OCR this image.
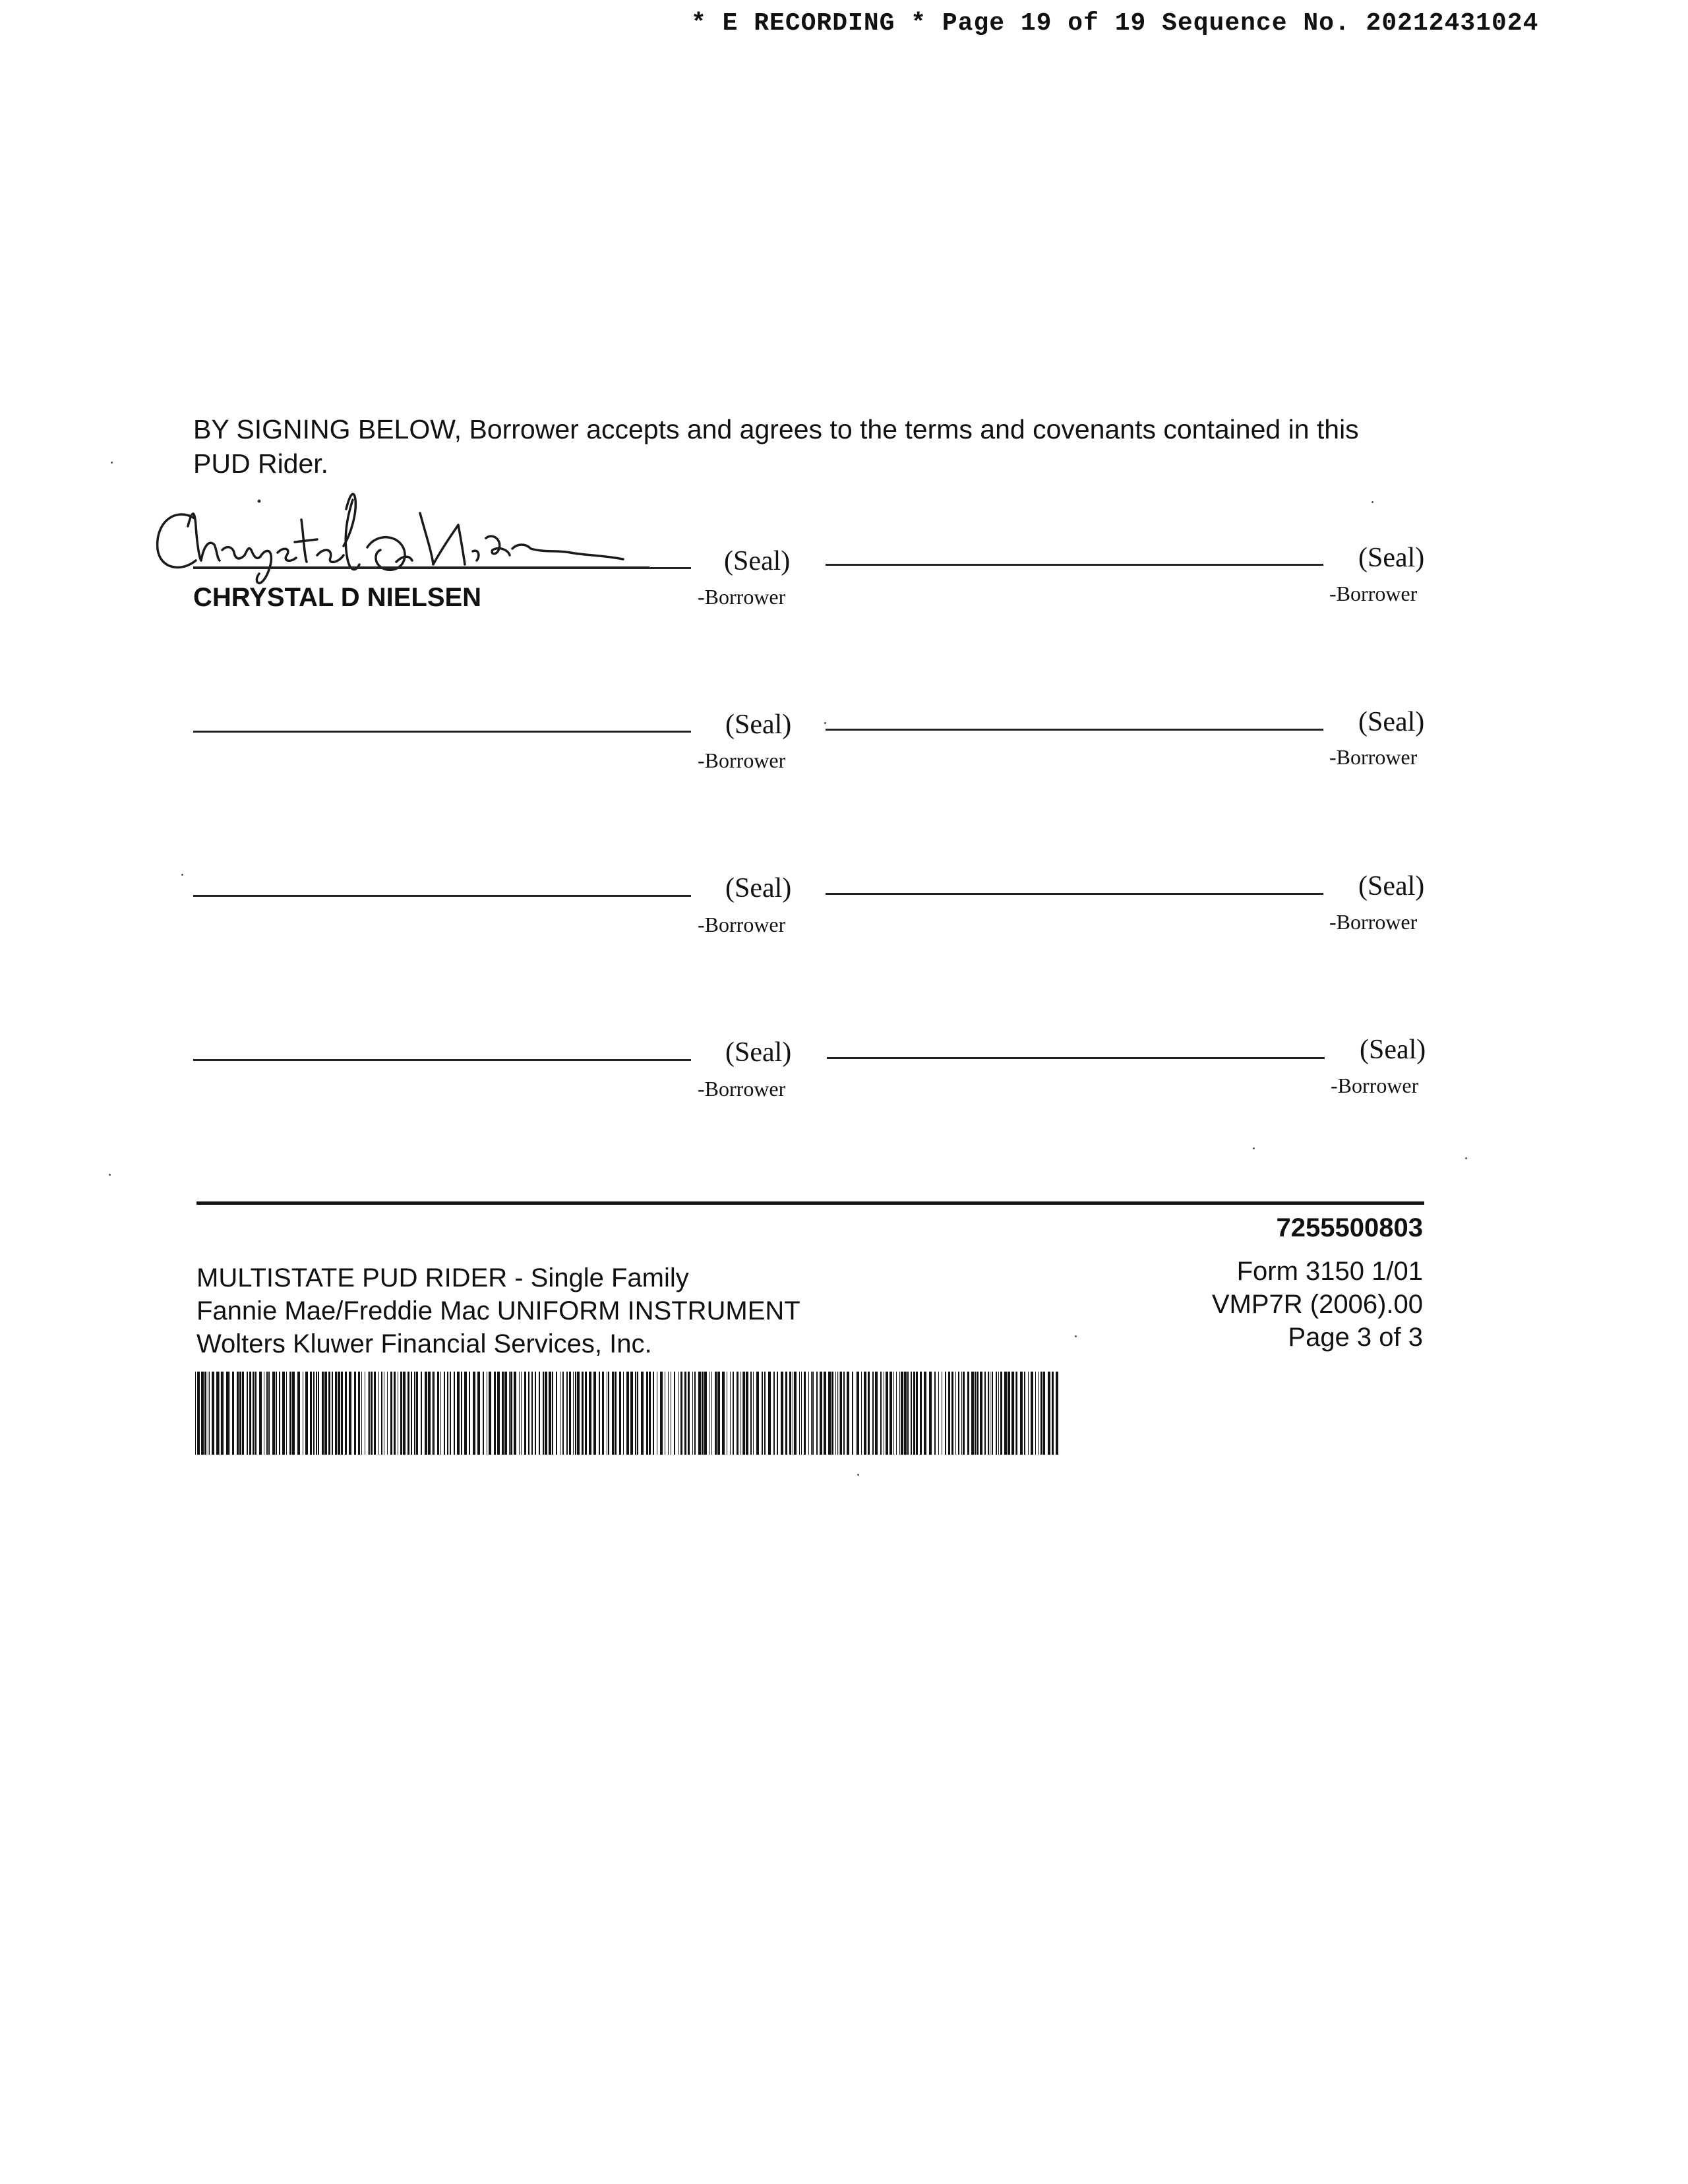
* E RECORDING * Page 19 of 19 Sequence No. 20212431024
BY SIGNING BELOW, Borrower accepts and agrees to the terms and covenants contained in this
PUD Rider.
(Seal)
-Borrower
CHRYSTAL D NIELSEN
(Seal)
-Borrower
(Seal)
-Borrower
(Seal)
-Borrower
(Seal)
-Borrower
(Seal)
-Borrower
(Seal)
-Borrower
(Seal)
-Borrower
7255500803
MULTISTATE PUD RIDER - Single Family
Fannie Mae/Freddie Mac UNIFORM INSTRUMENT
Wolters Kluwer Financial Services, Inc.
Form 3150 1/01
VMP7R (2006).00
Page 3 of 3
